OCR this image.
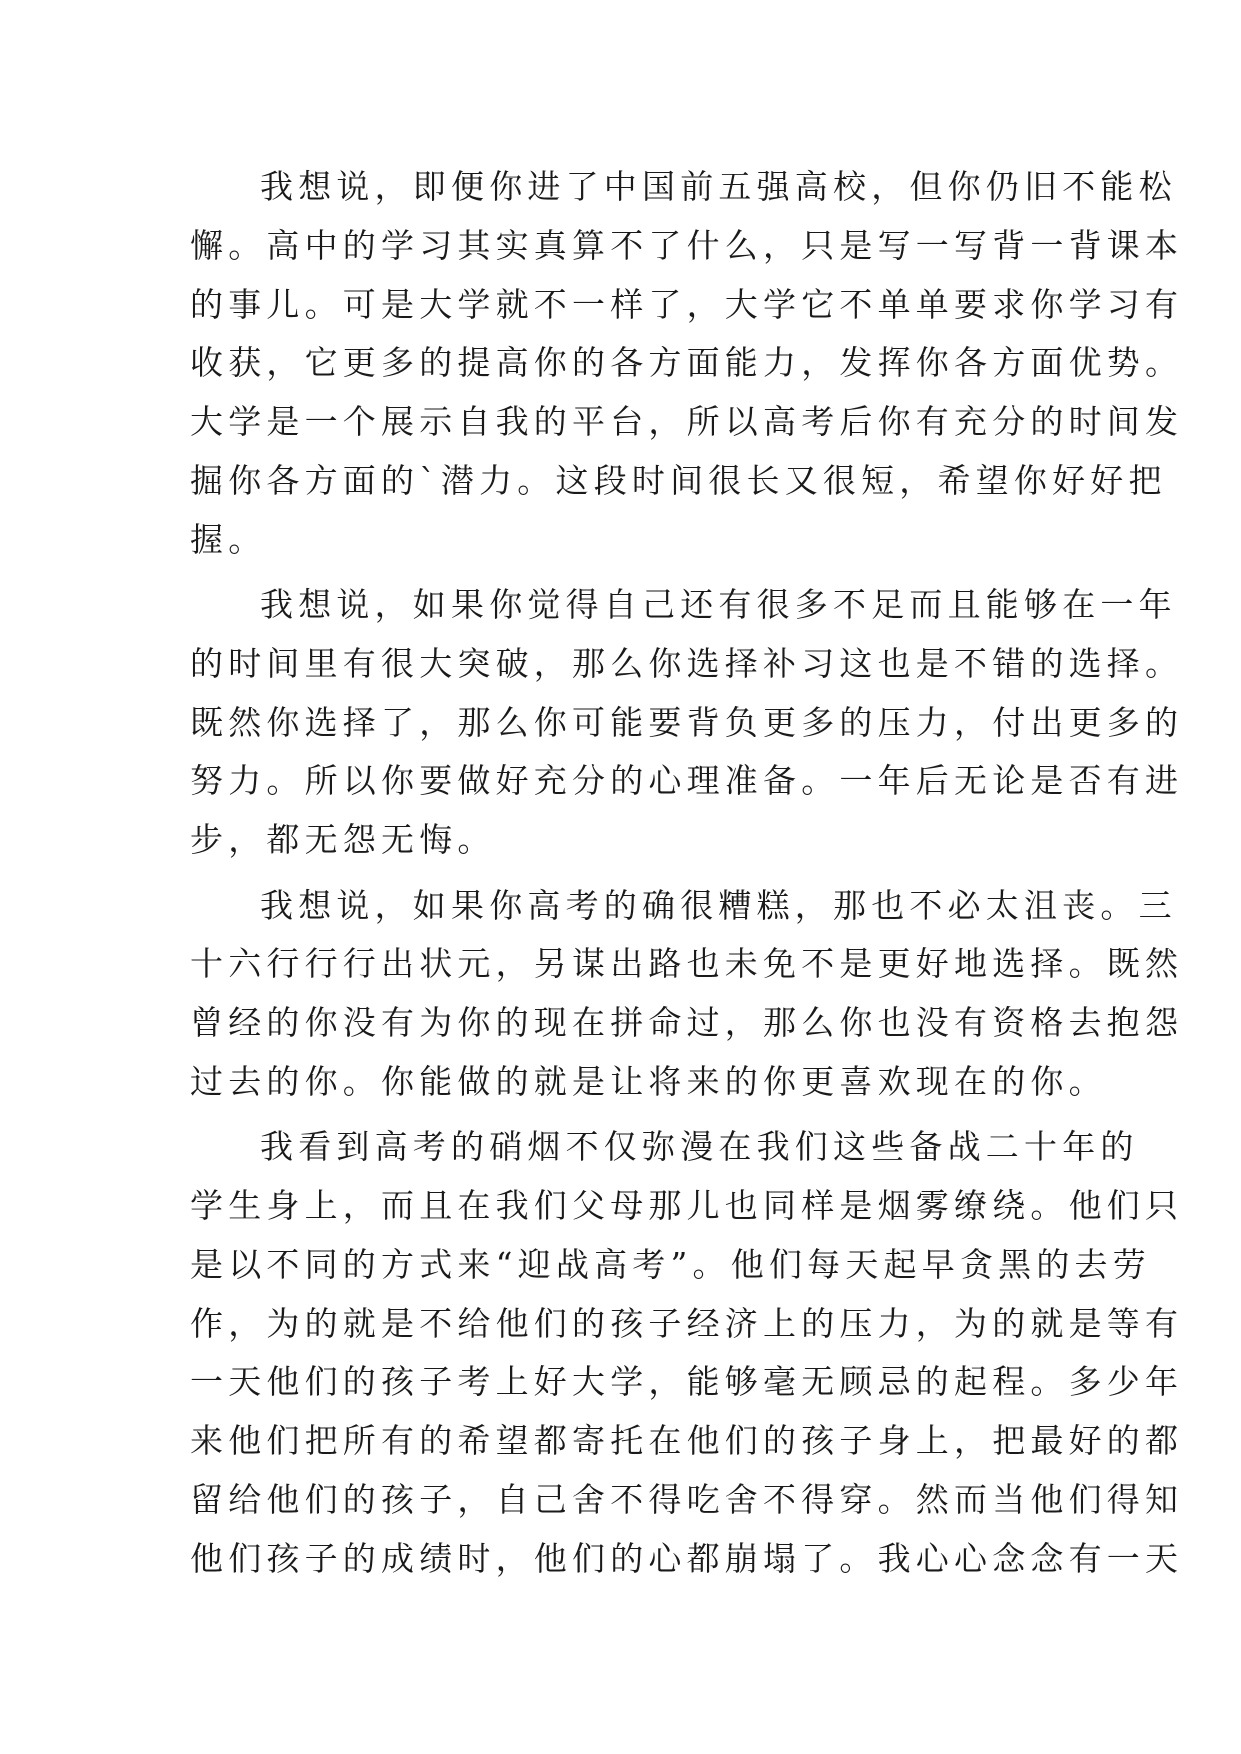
我想说，即便你进了中国前五强高校，但你仍旧不能松
懈。高中的学习其实真算不了什么，只是写一写背一背课本
的事儿。可是大学就不一样了，大学它不单单要求你学习有
收获，它更多的提高你的各方面能力，发挥你各方面优势。
大学是一个展示自我的平台，所以高考后你有充分的时间发
掘你各方面的`潜力。这段时间很长又很短，希望你好好把
握。
我想说，如果你觉得自己还有很多不足而且能够在一年
的时间里有很大突破，那么你选择补习这也是不错的选择。
既然你选择了，那么你可能要背负更多的压力，付出更多的
努力。所以你要做好充分的心理准备。一年后无论是否有进
步，都无怨无悔。
我想说，如果你高考的确很糟糕，那也不必太沮丧。三
十六行行行出状元，另谋出路也未免不是更好地选择。既然
曾经的你没有为你的现在拼命过，那么你也没有资格去抱怨
过去的你。你能做的就是让将来的你更喜欢现在的你。
我看到高考的硝烟不仅弥漫在我们这些备战二十年的
学生身上，而且在我们父母那儿也同样是烟雾缭绕。他们只
是以不同的方式来“迎战高考”。他们每天起早贪黑的去劳
作，为的就是不给他们的孩子经济上的压力，为的就是等有
一天他们的孩子考上好大学，能够毫无顾忌的起程。多少年
来他们把所有的希望都寄托在他们的孩子身上，把最好的都
留给他们的孩子，自己舍不得吃舍不得穿。然而当他们得知
他们孩子的成绩时，他们的心都崩塌了。我心心念念有一天
